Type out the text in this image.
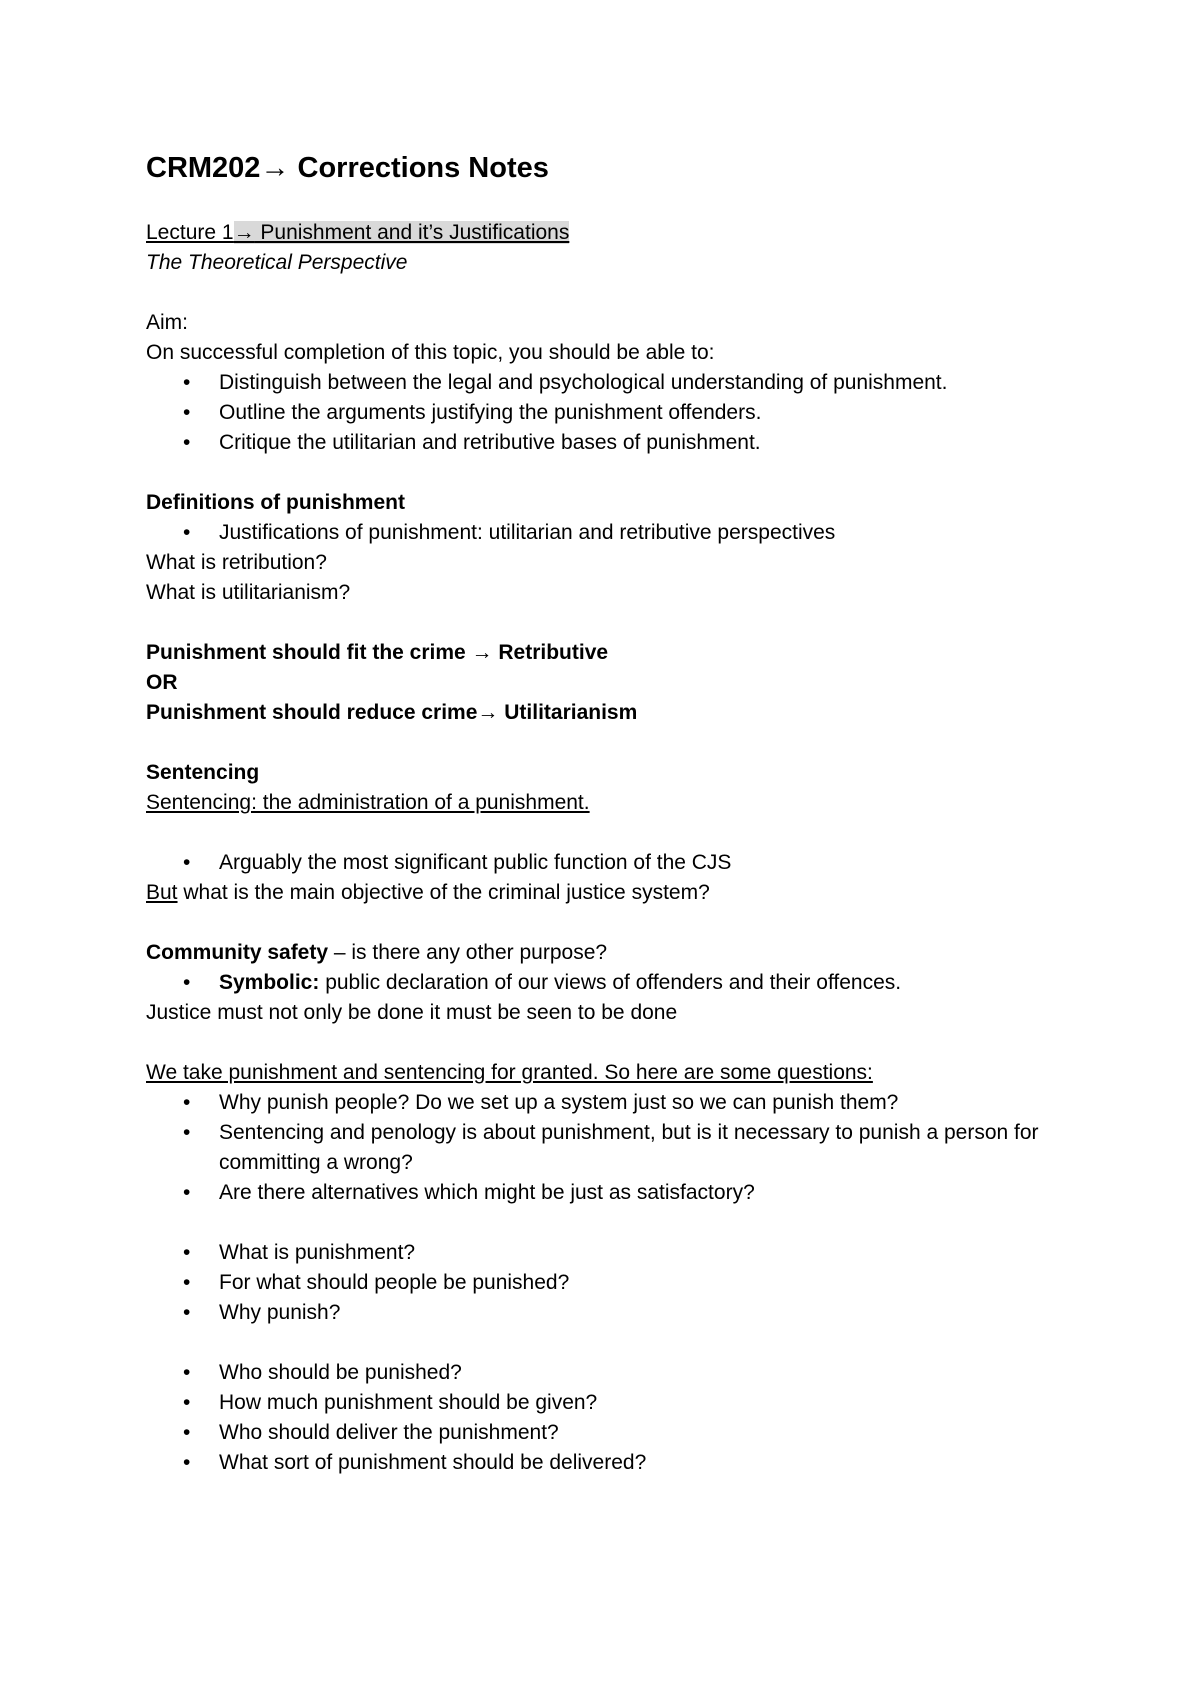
CRM202→ Corrections Notes
Lecture 1→ Punishment and it’s Justifications
The Theoretical Perspective
Aim:
On successful completion of this topic, you should be able to:
• Distinguish between the legal and psychological understanding of punishment.
• Outline the arguments justifying the punishment offenders.
• Critique the utilitarian and retributive bases of punishment.
Definitions of punishment
• Justifications of punishment: utilitarian and retributive perspectives
What is retribution?
What is utilitarianism?
Punishment should fit the crime → Retributive
OR
Punishment should reduce crime→ Utilitarianism
Sentencing
Sentencing: the administration of a punishment.
• Arguably the most significant public function of the CJS
But what is the main objective of the criminal justice system?
Community safety – is there any other purpose?
• Symbolic: public declaration of our views of offenders and their offences.
Justice must not only be done it must be seen to be done
We take punishment and sentencing for granted. So here are some questions:
• Why punish people? Do we set up a system just so we can punish them?
• Sentencing and penology is about punishment, but is it necessary to punish a person for committing a wrong?
• Are there alternatives which might be just as satisfactory?
• What is punishment?
• For what should people be punished?
• Why punish?
• Who should be punished?
• How much punishment should be given?
• Who should deliver the punishment?
• What sort of punishment should be delivered?
